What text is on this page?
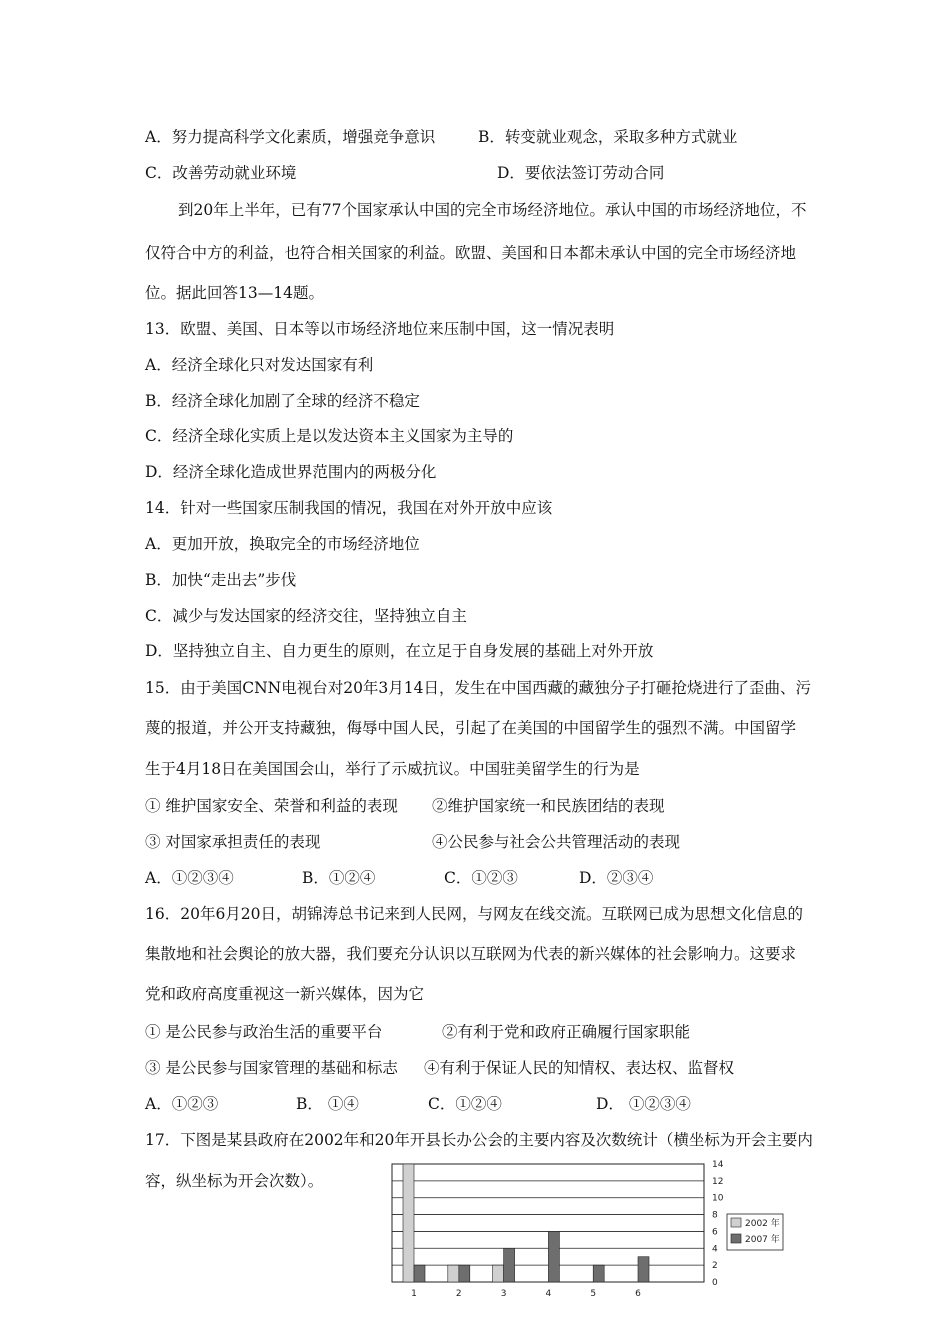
A．努力提高科学文化素质，增强竞争意识	B．转变就业观念，采取多种方式就业
C．改善劳动就业环境	D．要依法签订劳动合同
到20年上半年，已有77个国家承认中国的完全市场经济地位。承认中国的市场经济地位，不
仅符合中方的利益，也符合相关国家的利益。欧盟、美国和日本都未承认中国的完全市场经济地
位。据此回答13—14题。
13．欧盟、美国、日本等以市场经济地位来压制中国，这一情况表明
A．经济全球化只对发达国家有利
B．经济全球化加剧了全球的经济不稳定
C．经济全球化实质上是以发达资本主义国家为主导的
D．经济全球化造成世界范围内的两极分化
14．针对一些国家压制我国的情况，我国在对外开放中应该
A．更加开放，换取完全的市场经济地位
B．加快“走出去”步伐
C．减少与发达国家的经济交往，坚持独立自主
D．坚持独立自主、自力更生的原则，在立足于自身发展的基础上对外开放
15．由于美国CNN电视台对20年3月14日，发生在中国西藏的藏独分子打砸抢烧进行了歪曲、污
蔑的报道，并公开支持藏独，侮辱中国人民，引起了在美国的中国留学生的强烈不满。中国留学
生于4月18日在美国国会山，举行了示威抗议。中国驻美留学生的行为是
① 维护国家安全、荣誉和利益的表现 ②维护国家统一和民族团结的表现
③ 对国家承担责任的表现	④公民参与社会公共管理活动的表现
A．①②③④	B．①②④	C．①②③	D．②③④
16．20年6月20日，胡锦涛总书记来到人民网，与网友在线交流。互联网已成为思想文化信息的
集散地和社会舆论的放大器，我们要充分认识以互联网为代表的新兴媒体的社会影响力。这要求
党和政府高度重视这一新兴媒体，因为它
① 是公民参与政治生活的重要平台	②有利于党和政府正确履行国家职能
③ 是公民参与国家管理的基础和标志 ④有利于保证人民的知情权、表达权、监督权
A．①②③	B． ①④	C．①②④	D． ①②③④
17．下图是某县政府在2002年和20年开县长办公会的主要内容及次数统计（横坐标为开会主要内
容，纵坐标为开会次数）。
0
2
4
6
8
10
12
14
1	2	3	4	5	6
2002 年
2007 年
